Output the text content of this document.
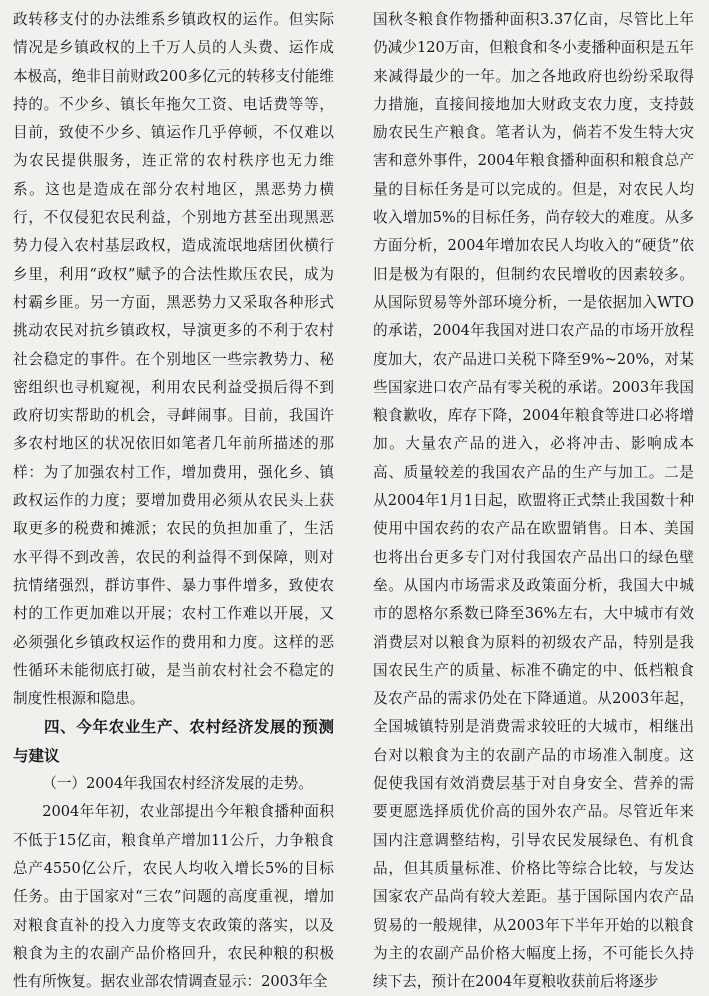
政转移支付的办法维系乡镇政权的运作。但实际情况是乡镇政权的上千万人员的人头费、运作成本极高，绝非目前财政200多亿元的转移支付能维持的。不少乡、镇长年拖欠工资、电话费等等，目前，致使不少乡、镇运作几乎停顿，不仅难以为农民提供服务，连正常的农村秩序也无力维系。这也是造成在部分农村地区，黑恶势力横行，不仅侵犯农民利益，个别地方甚至出现黑恶势力侵入农村基层政权，造成流氓地痞团伙横行乡里，利用“政权”赋予的合法性欺压农民，成为村霸乡匪。另一方面，黑恶势力又采取各种形式挑动农民对抗乡镇政权，导演更多的不利于农村社会稳定的事件。在个别地区一些宗教势力、秘密组织也寻机窥视，利用农民利益受损后得不到政府切实帮助的机会，寻衅闹事。目前，我国许多农村地区的状况依旧如笔者几年前所描述的那样：为了加强农村工作，增加费用，强化乡、镇政权运作的力度；要增加费用必须从农民头上获取更多的税费和摊派；农民的负担加重了，生活水平得不到改善，农民的利益得不到保障，则对抗情绪强烈，群访事件、暴力事件增多，致使农村的工作更加难以开展；农村工作难以开展，又必须强化乡镇政权运作的费用和力度。这样的恶性循环未能彻底打破，是当前农村社会不稳定的制度性根源和隐患。

四、今年农业生产、农村经济发展的预测与建议

（一）2004年我国农村经济发展的走势。

2004年年初，农业部提出今年粮食播种面积不低于15亿亩，粮食单产增加11公斤，力争粮食总产4550亿公斤，农民人均收入增长5%的目标任务。由于国家对“三农”问题的高度重视，增加对粮食直补的投入力度等支农政策的落实，以及粮食为主的农副产品价格回升，农民种粮的积极性有所恢复。据农业部农情调查显示：2003年全

国秋冬粮食作物播种面积3.37亿亩，尽管比上年仍减少120万亩，但粮食和冬小麦播种面积是五年来减得最少的一年。加之各地政府也纷纷采取得力措施，直接间接地加大财政支农力度，支持鼓励农民生产粮食。笔者认为，倘若不发生特大灾害和意外事件，2004年粮食播种面积和粮食总产量的目标任务是可以完成的。但是，对农民人均收入增加5%的目标任务，尚存较大的难度。从多方面分析，2004年增加农民人均收入的“硬货”依旧是极为有限的，但制约农民增收的因素较多。从国际贸易等外部环境分析，一是依据加入WTO的承诺，2004年我国对进口农产品的市场开放程度加大，农产品进口关税下降至9%~20%，对某些国家进口农产品有零关税的承诺。2003年我国粮食歉收，库存下降，2004年粮食等进口必将增加。大量农产品的进入，必将冲击、影响成本高、质量较差的我国农产品的生产与加工。二是从2004年1月1日起，欧盟将正式禁止我国数十种使用中国农药的农产品在欧盟销售。日本、美国也将出台更多专门对付我国农产品出口的绿色壁垒。从国内市场需求及政策面分析，我国大中城市的恩格尔系数已降至36%左右，大中城市有效消费层对以粮食为原料的初级农产品，特别是我国农民生产的质量、标准不确定的中、低档粮食及农产品的需求仍处在下降通道。从2003年起，全国城镇特别是消费需求较旺的大城市，相继出台对以粮食为主的农副产品的市场准入制度。这促使我国有效消费层基于对自身安全、营养的需要更愿选择质优价高的国外农产品。尽管近年来国内注意调整结构，引导农民发展绿色、有机食品，但其质量标准、价格比等综合比较，与发达国家农产品尚有较大差距。基于国际国内农产品贸易的一般规律，从2003年下半年开始的以粮食为主的农副产品价格大幅度上扬，不可能长久持续下去，预计在2004年夏粮收获前后将逐步
